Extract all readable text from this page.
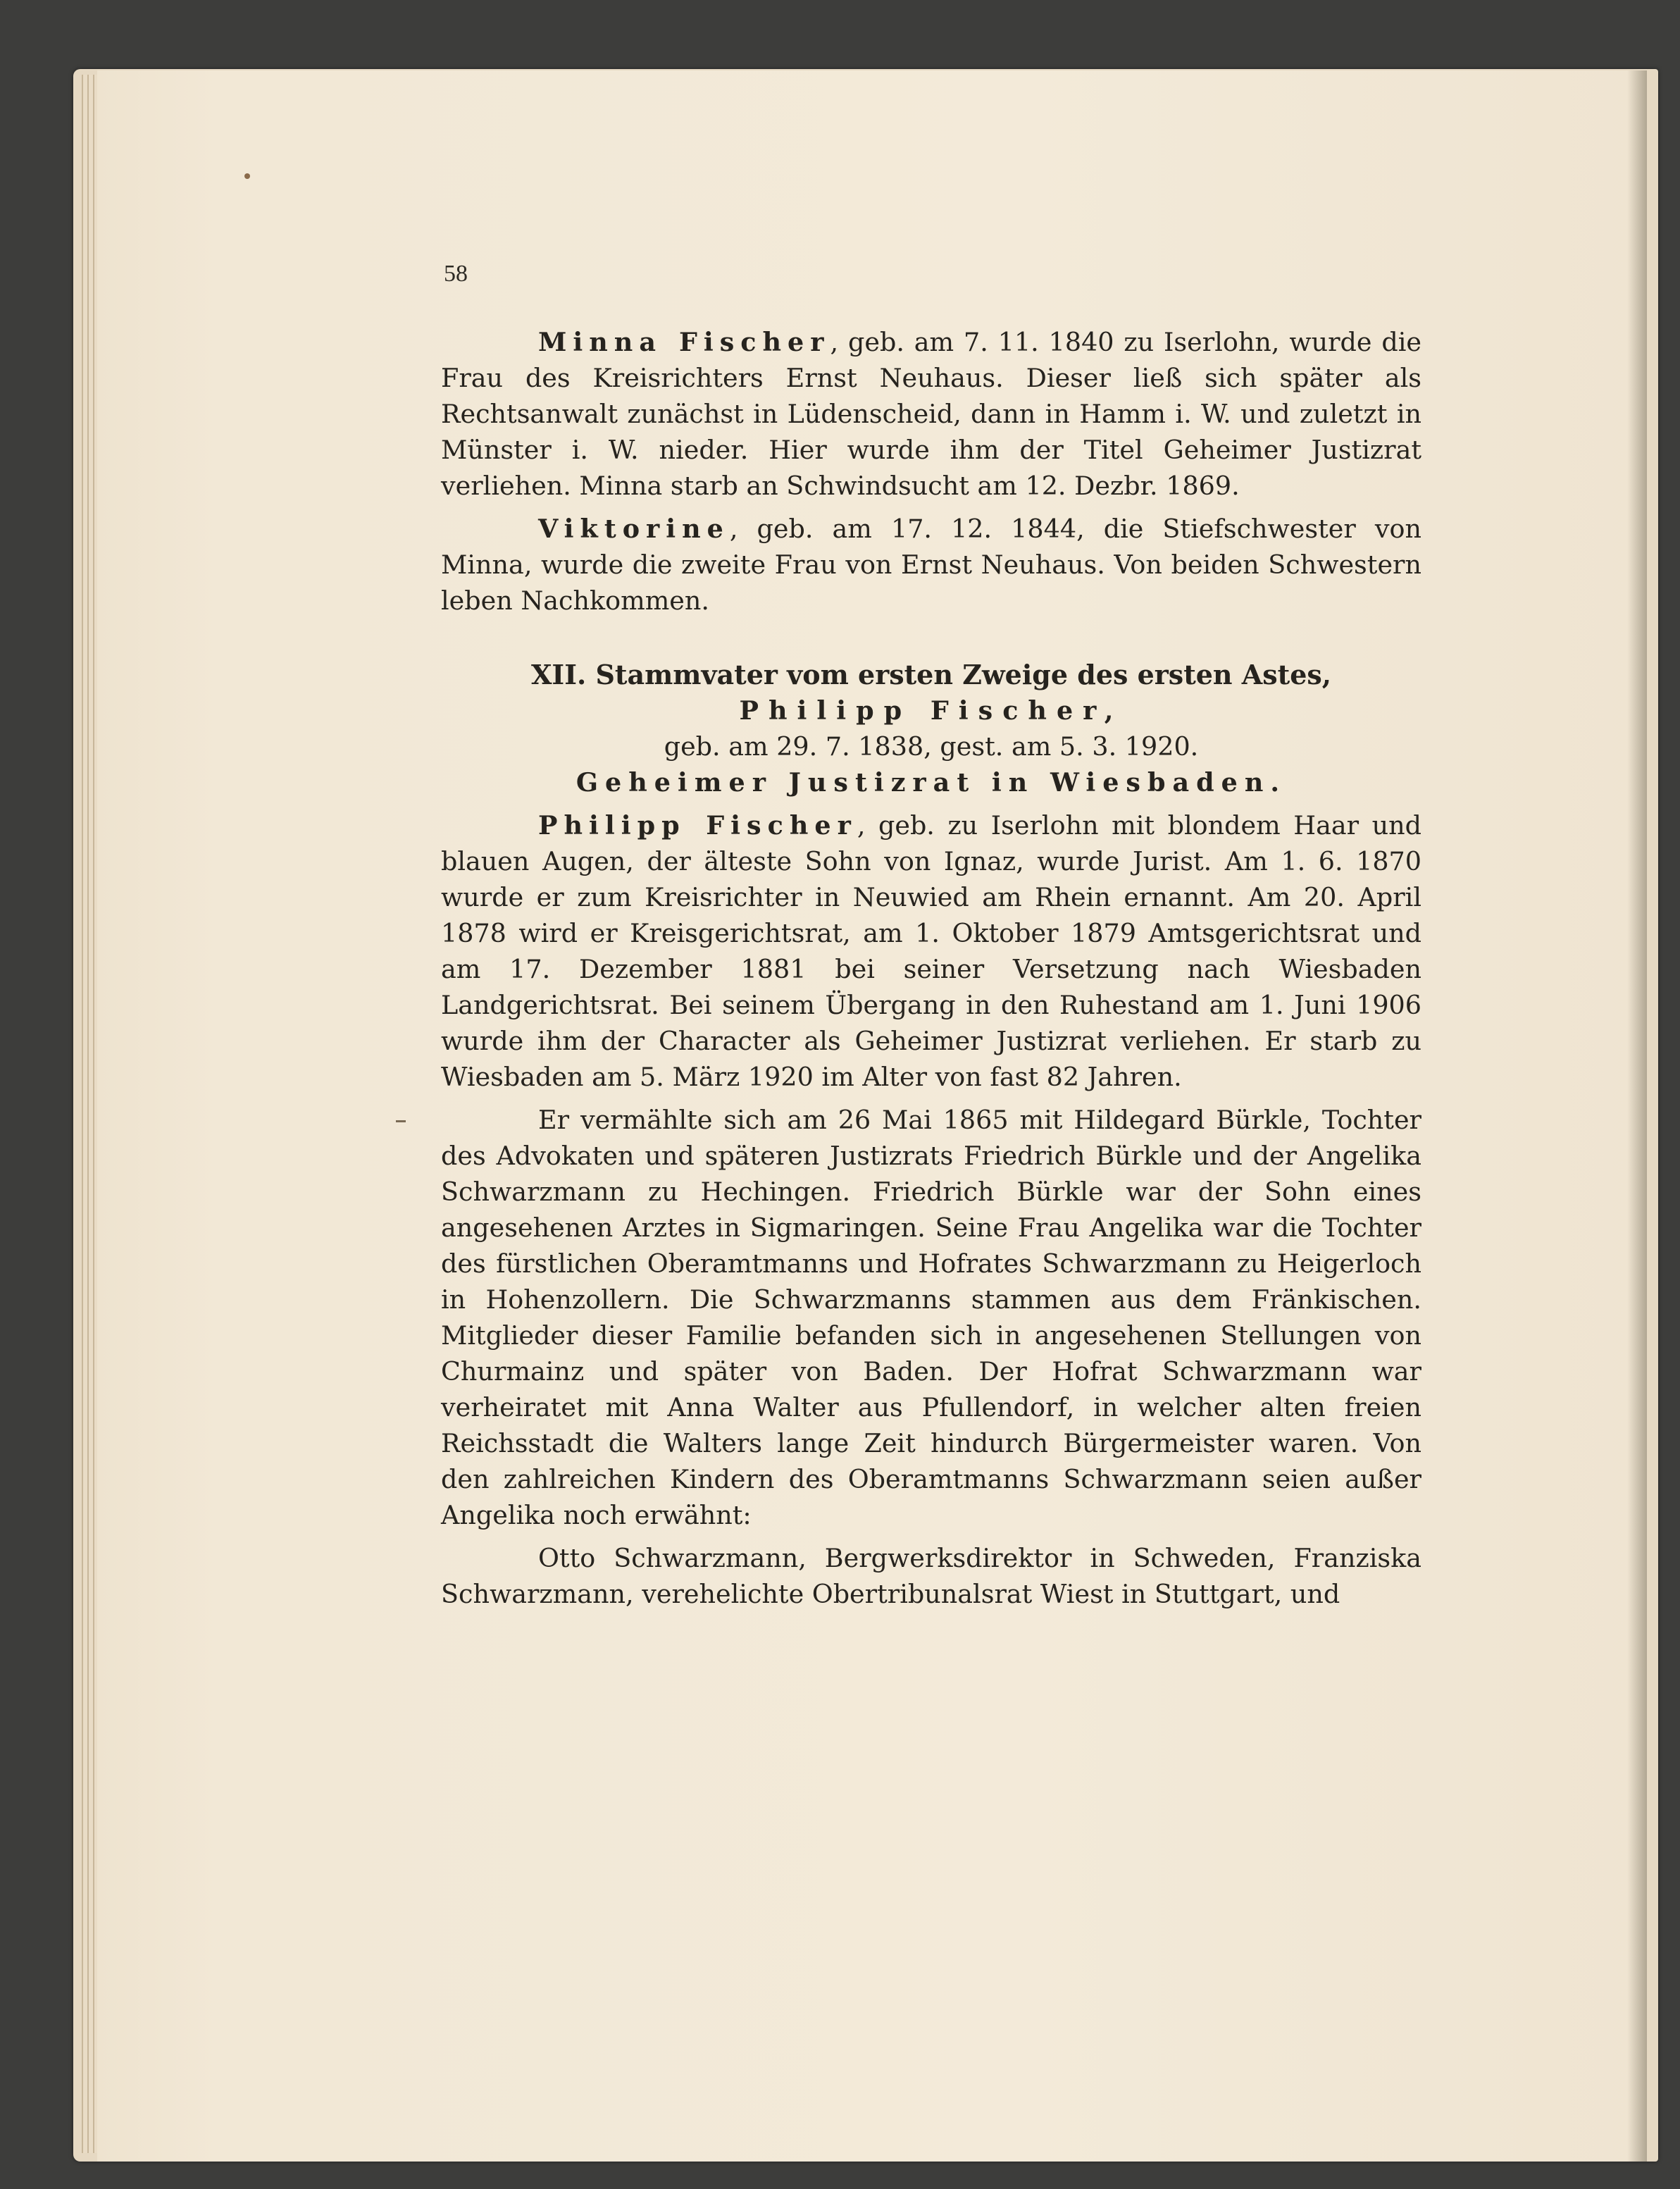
58

Minna Fischer, geb. am 7. 11. 1840 zu Iserlohn, wurde die Frau des Kreisrichters Ernst Neuhaus. Dieser ließ sich später als Rechtsanwalt zunächst in Lüdenscheid, dann in Hamm i. W. und zuletzt in Münster i. W. nieder. Hier wurde ihm der Titel Geheimer Justizrat verliehen. Minna starb an Schwindsucht am 12. Dezbr. 1869.

Viktorine, geb. am 17. 12. 1844, die Stiefschwester von Minna, wurde die zweite Frau von Ernst Neuhaus. Von beiden Schwestern leben Nachkommen.

XII. Stammvater vom ersten Zweige des ersten Astes,

Philipp Fischer,

geb. am 29. 7. 1838, gest. am 5. 3. 1920.

Geheimer Justizrat in Wiesbaden.

Philipp Fischer, geb. zu Iserlohn mit blondem Haar und blauen Augen, der älteste Sohn von Ignaz, wurde Jurist. Am 1. 6. 1870 wurde er zum Kreisrichter in Neuwied am Rhein ernannt. Am 20. April 1878 wird er Kreisgerichtsrat, am 1. Oktober 1879 Amtsgerichtsrat und am 17. Dezember 1881 bei seiner Versetzung nach Wiesbaden Landgerichtsrat. Bei seinem Übergang in den Ruhestand am 1. Juni 1906 wurde ihm der Character als Geheimer Justizrat verliehen. Er starb zu Wiesbaden am 5. März 1920 im Alter von fast 82 Jahren.

Er vermählte sich am 26 Mai 1865 mit Hildegard Bürkle, Tochter des Advokaten und späteren Justizrats Friedrich Bürkle und der Angelika Schwarzmann zu Hechingen. Friedrich Bürkle war der Sohn eines angesehenen Arztes in Sigmaringen. Seine Frau Angelika war die Tochter des fürstlichen Oberamtmanns und Hofrates Schwarzmann zu Heigerloch in Hohenzollern. Die Schwarzmanns stammen aus dem Fränkischen. Mitglieder dieser Familie befanden sich in angesehenen Stellungen von Churmainz und später von Baden. Der Hofrat Schwarzmann war verheiratet mit Anna Walter aus Pfullendorf, in welcher alten freien Reichsstadt die Walters lange Zeit hindurch Bürgermeister waren. Von den zahlreichen Kindern des Oberamtmanns Schwarzmann seien außer Angelika noch erwähnt:

Otto Schwarzmann, Bergwerksdirektor in Schweden, Franziska Schwarzmann, verehelichte Obertribunalsrat Wiest in Stuttgart, und
